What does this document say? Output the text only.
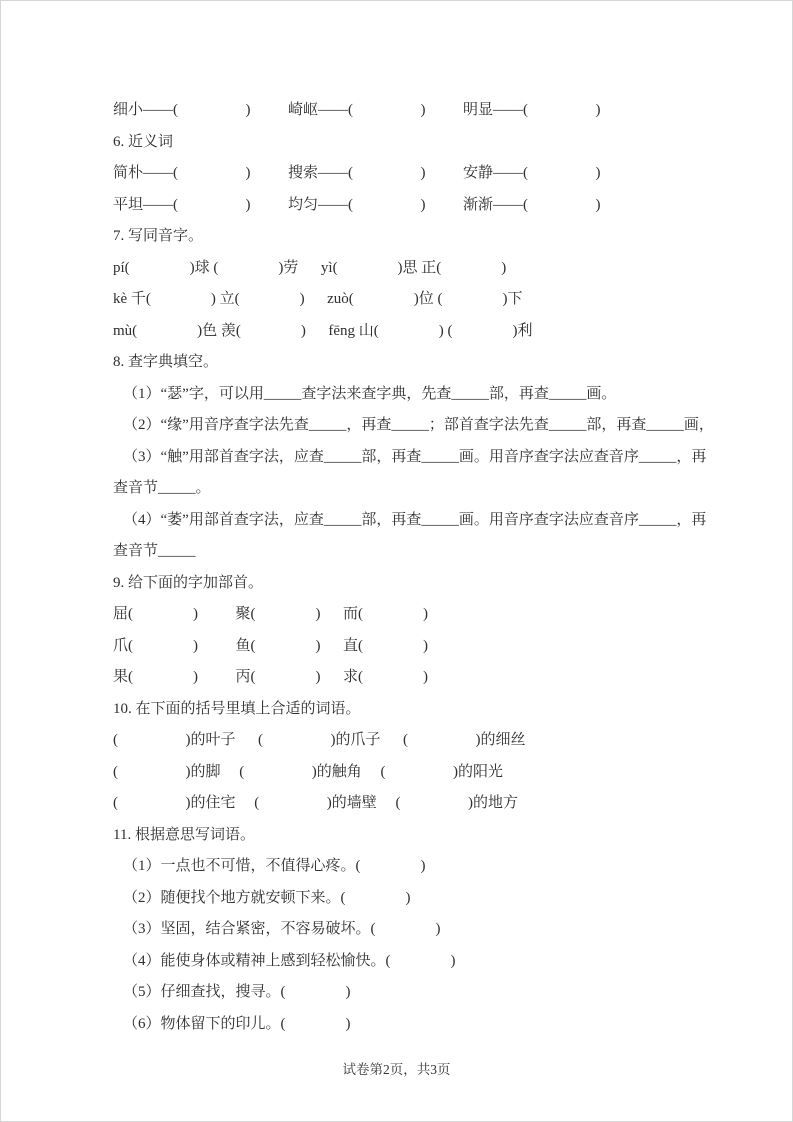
细小——(                  )          崎岖——(                  )          明显——(                  )
6. 近义词
简朴——(                  )          搜索——(                  )          安静——(                  )
平坦——(                  )          均匀——(                  )          渐渐——(                  )
7. 写同音字。
pí(                )球 (                )劳      yì(                )思 正(                )
kè 千(                ) 立(                )      zuò(                )位 (                )下
mù(                )色 羡(                )      fēng 山(                ) (                )利
8. 查字典填空。
（1）“瑟”字，可以用_____查字法来查字典，先查_____部，再查_____画。
（2）“缘”用音序查字法先查_____，再查_____；部首查字法先查_____部，再查_____画，
（3）“触”用部首查字法，应查_____部，再查_____画。用音序查字法应查音序_____，再
查音节_____。
（4）“萎”用部首查字法，应查_____部，再查_____画。用音序查字法应查音序_____，再
查音节_____
9. 给下面的字加部首。
屈(                )          聚(                )      而(                )
爪(                )          鱼(                )      直(                )
果(                )          丙(                )      求(                )
10. 在下面的括号里填上合适的词语。
(                  )的叶子      (                  )的爪子      (                  )的细丝
(                  )的脚     (                  )的触角     (                  )的阳光
(                  )的住宅     (                  )的墙壁     (                  )的地方
11. 根据意思写词语。
（1）一点也不可惜，不值得心疼。(                )
（2）随便找个地方就安顿下来。(                )
（3）坚固，结合紧密，不容易破坏。(                )
（4）能使身体或精神上感到轻松愉快。(                )
（5）仔细查找，搜寻。(                )
（6）物体留下的印儿。(                )
试卷第2页，共3页
